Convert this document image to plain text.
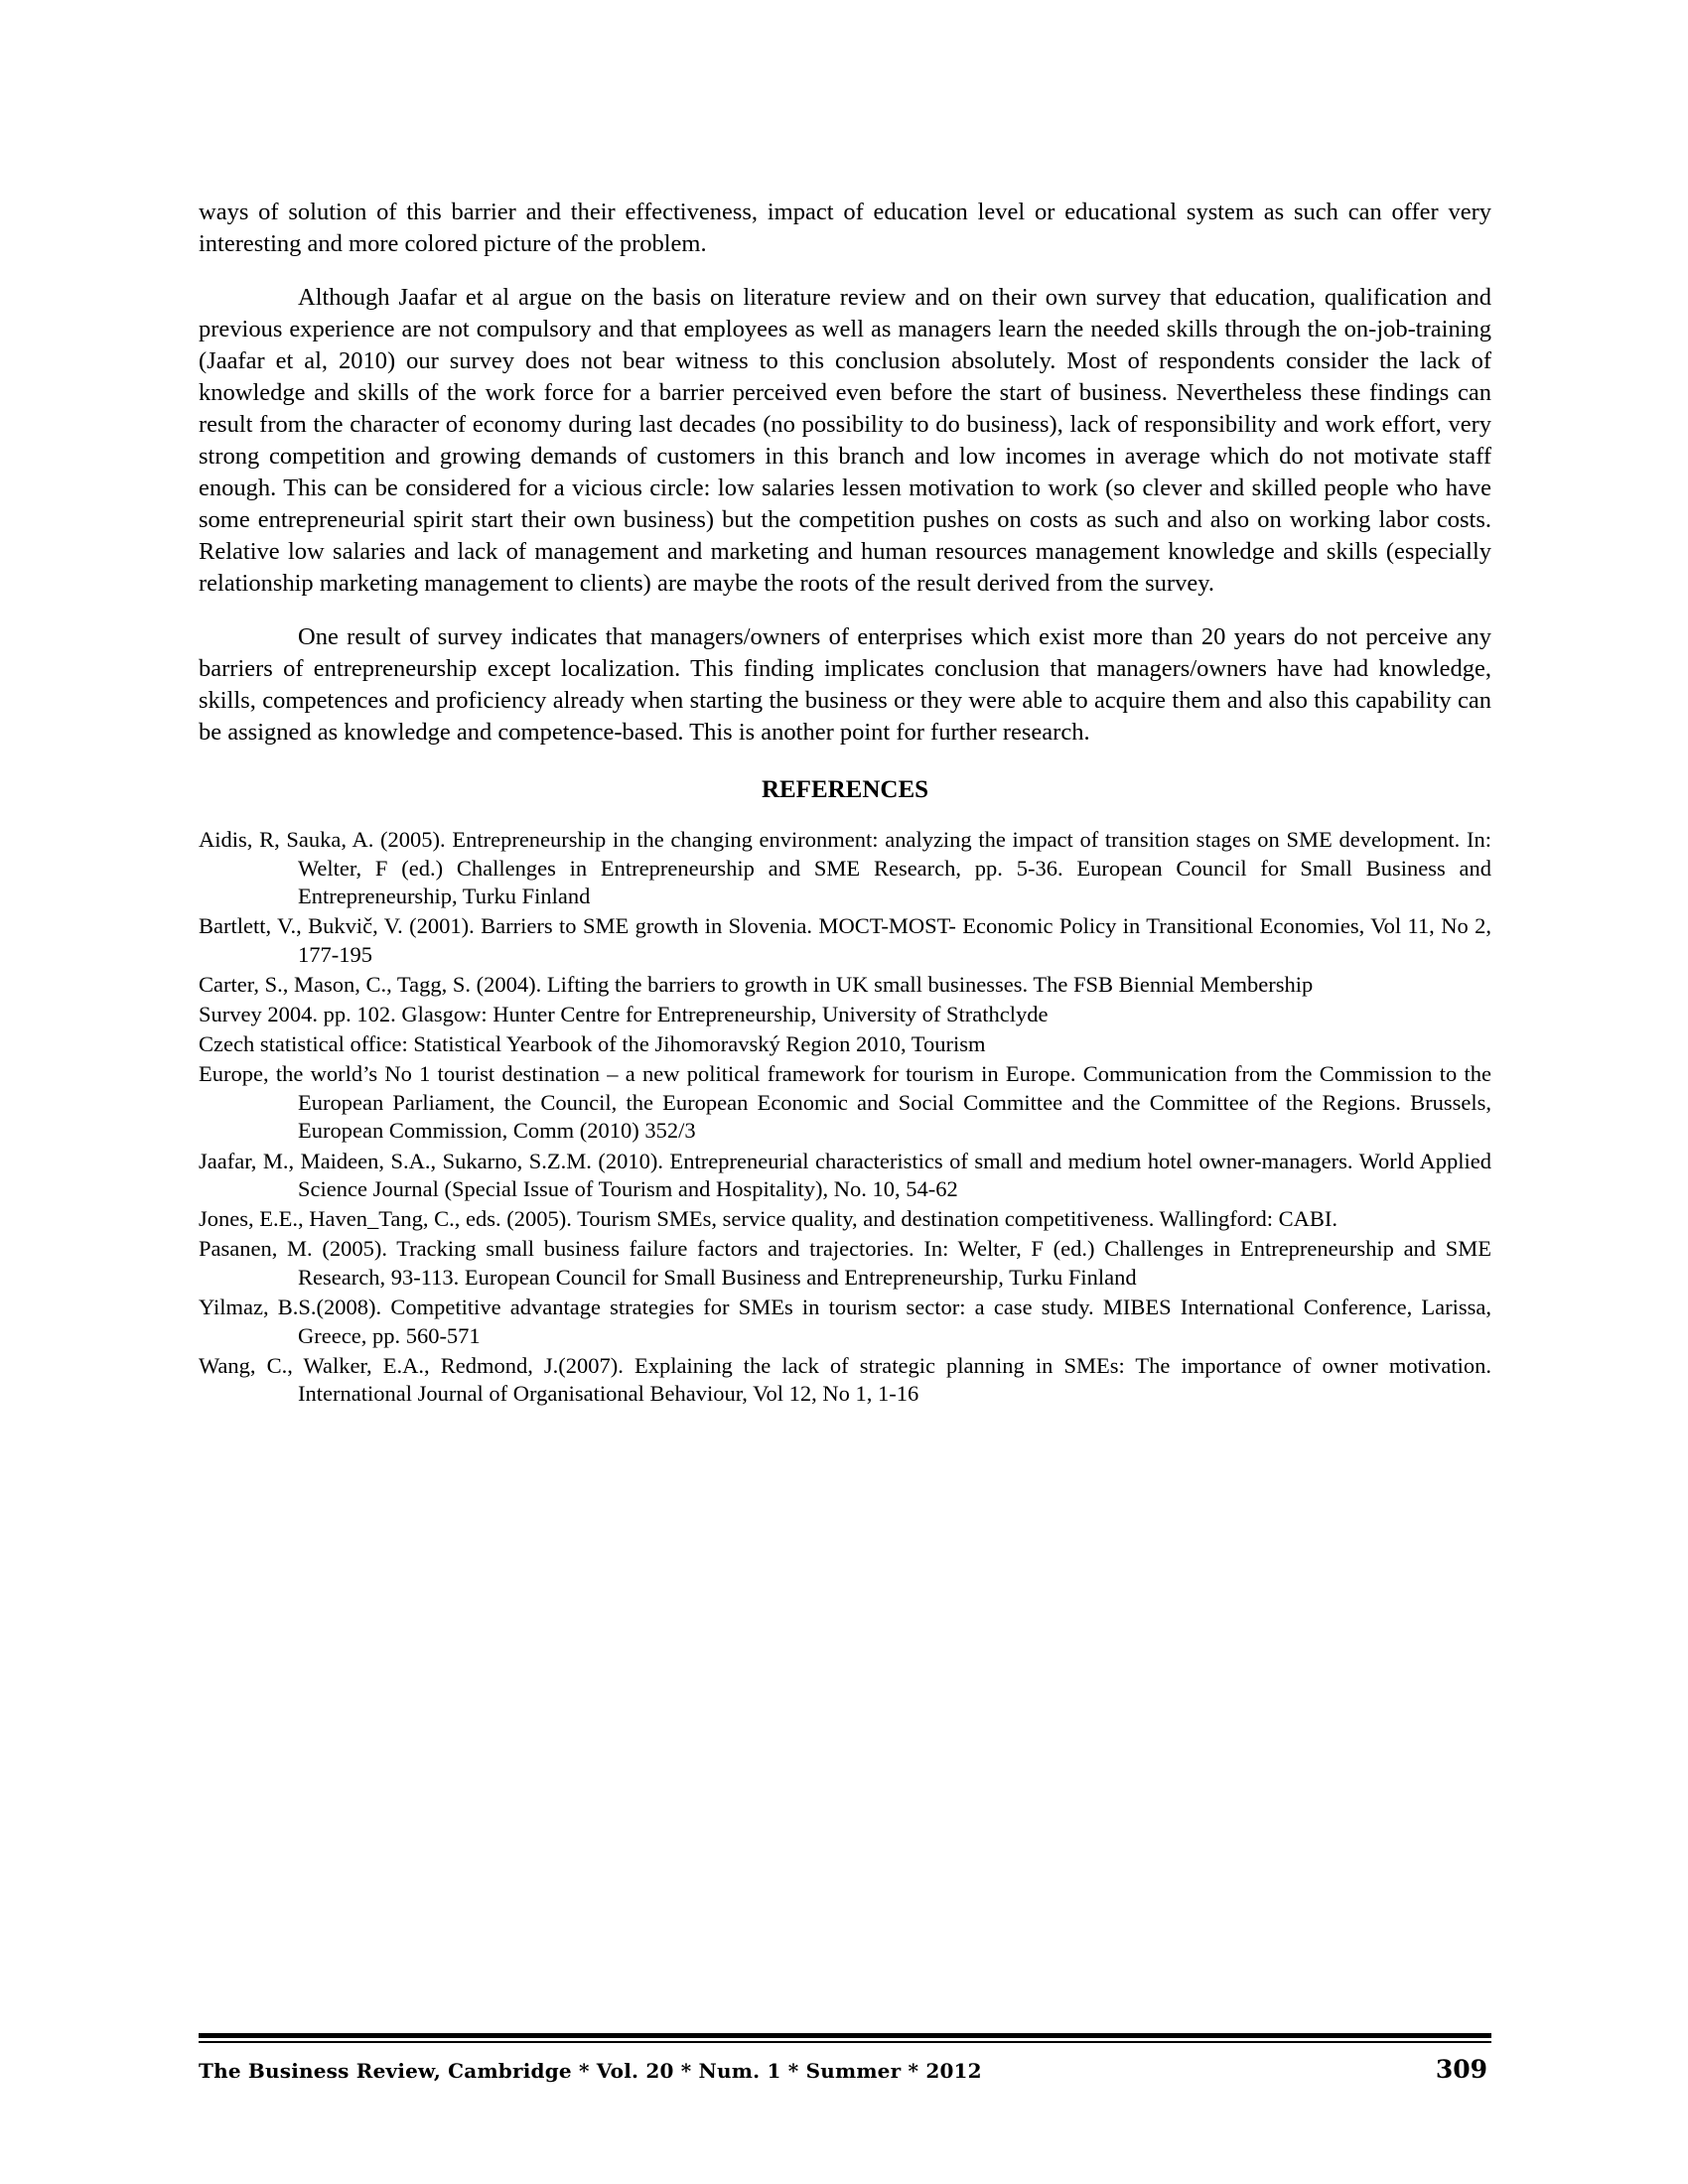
ways of solution of this barrier and their effectiveness, impact of education level or educational system as such can offer very interesting and more colored picture of the problem.

Although Jaafar et al argue on the basis on literature review and on their own survey that education, qualification and previous experience are not compulsory and that employees as well as managers learn the needed skills through the on-job-training (Jaafar et al, 2010) our survey does not bear witness to this conclusion absolutely. Most of respondents consider the lack of knowledge and skills of the work force for a barrier perceived even before the start of business. Nevertheless these findings can result from the character of economy during last decades (no possibility to do business), lack of responsibility and work effort, very strong competition and growing demands of customers in this branch and low incomes in average which do not motivate staff enough. This can be considered for a vicious circle: low salaries lessen motivation to work (so clever and skilled people who have some entrepreneurial spirit start their own business) but the competition pushes on costs as such and also on working labor costs. Relative low salaries and lack of management and marketing and human resources management knowledge and skills (especially relationship marketing management to clients) are maybe the roots of the result derived from the survey.

One result of survey indicates that managers/owners of enterprises which exist more than 20 years do not perceive any barriers of entrepreneurship except localization. This finding implicates conclusion that managers/owners have had knowledge, skills, competences and proficiency already when starting the business or they were able to acquire them and also this capability can be assigned as knowledge and competence-based. This is another point for further research.

REFERENCES
Aidis, R, Sauka, A. (2005). Entrepreneurship in the changing environment: analyzing the impact of transition stages on SME development. In: Welter, F (ed.) Challenges in Entrepreneurship and SME Research, pp. 5-36. European Council for Small Business and Entrepreneurship, Turku Finland
Bartlett, V., Bukvič, V. (2001). Barriers to SME growth in Slovenia. MOCT-MOST- Economic Policy in Transitional Economies, Vol 11, No 2, 177-195
Carter, S., Mason, C., Tagg, S. (2004). Lifting the barriers to growth in UK small businesses. The FSB Biennial Membership
Survey 2004. pp. 102. Glasgow: Hunter Centre for Entrepreneurship, University of Strathclyde
Czech statistical office: Statistical Yearbook of the Jihomoravský Region 2010, Tourism
Europe, the world’s No 1 tourist destination – a new political framework for tourism in Europe. Communication from the Commission to the European Parliament, the Council, the European Economic and Social Committee and the Committee of the Regions. Brussels, European Commission, Comm (2010) 352/3
Jaafar, M., Maideen, S.A., Sukarno, S.Z.M. (2010). Entrepreneurial characteristics of small and medium hotel owner-managers. World Applied Science Journal (Special Issue of Tourism and Hospitality), No. 10, 54-62
Jones, E.E., Haven_Tang, C., eds. (2005). Tourism SMEs, service quality, and destination competitiveness. Wallingford: CABI.
Pasanen, M. (2005). Tracking small business failure factors and trajectories. In: Welter, F (ed.) Challenges in Entrepreneurship and SME Research, 93-113. European Council for Small Business and Entrepreneurship, Turku Finland
Yilmaz, B.S.(2008). Competitive advantage strategies for SMEs in tourism sector: a case study. MIBES International Conference, Larissa, Greece, pp. 560-571
Wang, C., Walker, E.A., Redmond, J.(2007). Explaining the lack of strategic planning in SMEs: The importance of owner motivation. International Journal of Organisational Behaviour, Vol 12, No 1, 1-16
The Business Review, Cambridge * Vol. 20 * Num. 1 * Summer * 2012	309
